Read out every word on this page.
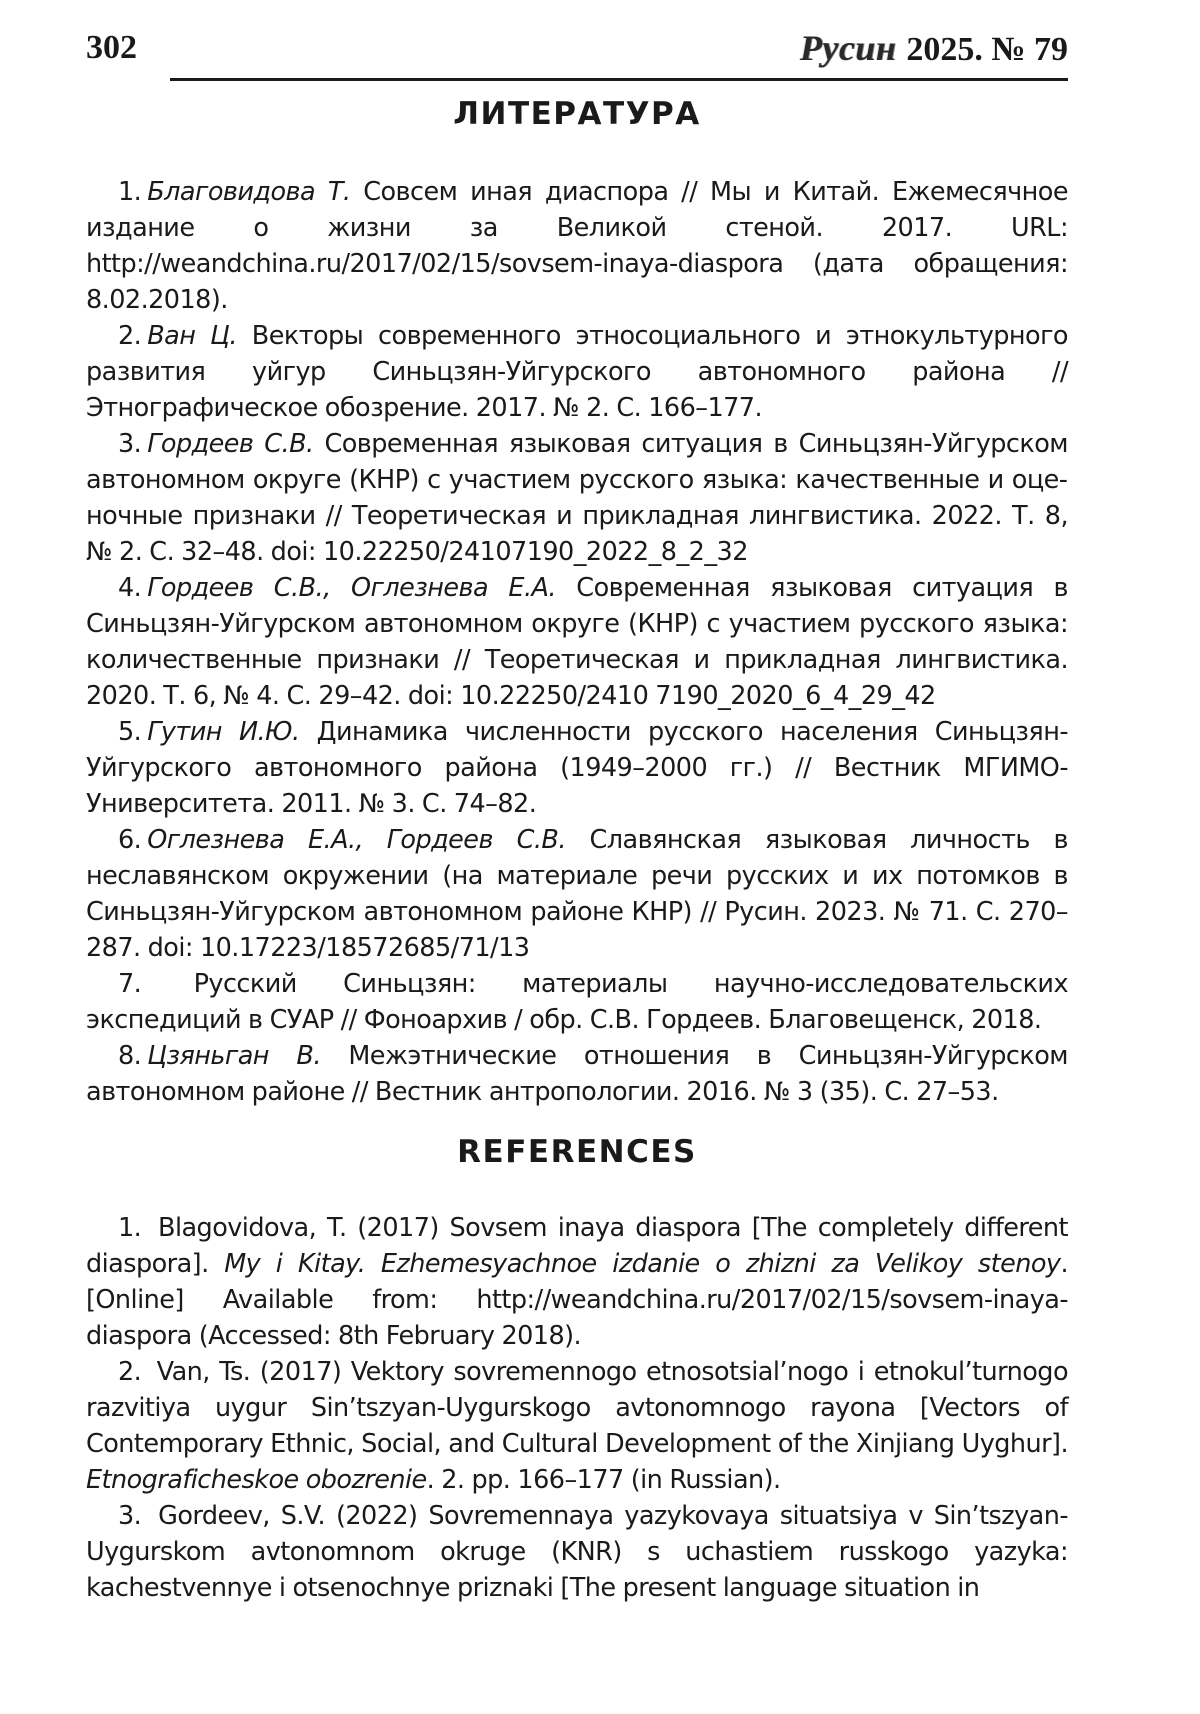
302	Русин 2025. № 79
ЛИТЕРАТУРА
1. Благовидова Т. Совсем иная диаспора // Мы и Китай. Ежемесячное издание о жизни за Великой стеной. 2017. URL: http://weandchina.ru/2017/02/15/sovsem-inaya-diaspora (дата обращения: 8.02.2018).
2. Ван Ц. Векторы современного этносоциального и этнокультурного развития уйгур Синьцзян-Уйгурского автономного района // Этнографическое обозрение. 2017. № 2. С. 166–177.
3. Гордеев С.В. Современная языковая ситуация в Синьцзян-Уйгурском автономном округе (КНР) с участием русского языка: качественные и оценочные признаки // Теоретическая и прикладная лингвистика. 2022. Т. 8, № 2. С. 32–48. doi: 10.22250/24107190_2022_8_2_32
4. Гордеев С.В., Оглезнева Е.А. Современная языковая ситуация в Синьцзян-Уйгурском автономном округе (КНР) с участием русского языка: количественные признаки // Теоретическая и прикладная лингвистика. 2020. Т. 6, № 4. С. 29–42. doi: 10.22250/2410 7190_2020_6_4_29_42
5. Гутин И.Ю. Динамика численности русского населения Синьцзян-Уйгурского автономного района (1949–2000 гг.) // Вестник МГИМО-Университета. 2011. № 3. С. 74–82.
6. Оглезнева Е.А., Гордеев С.В. Славянская языковая личность в неславянском окружении (на материале речи русских и их потомков в Синьцзян-Уйгурском автономном районе КНР) // Русин. 2023. № 71. С. 270–287. doi: 10.17223/18572685/71/13
7. Русский Синьцзян: материалы научно-исследовательских экспедиций в СУАР // Фоноархив / обр. С.В. Гордеев. Благовещенск, 2018.
8. Цзяньган В. Межэтнические отношения в Синьцзян-Уйгурском автономном районе // Вестник антропологии. 2016. № 3 (35). С. 27–53.
REFERENCES
1. Blagovidova, T. (2017) Sovsem inaya diaspora [The completely different diaspora]. My i Kitay. Ezhemesyachnoe izdanie o zhizni za Velikoy stenoy. [Online] Available from: http://weandchina.ru/2017/02/15/sovsem-inaya-diaspora (Accessed: 8th February 2018).
2. Van, Ts. (2017) Vektory sovremennogo etnosotsial’nogo i etnokul’turnogo razvitiya uygur Sin’tszyan-Uygurskogo avtonomnogo rayona [Vectors of Contemporary Ethnic, Social, and Cultural Development of the Xinjiang Uyghur]. Etnograficheskoe obozrenie. 2. pp. 166–177 (in Russian).
3. Gordeev, S.V. (2022) Sovremennaya yazykovaya situatsiya v Sin’tszyan-Uygurskom avtonomnom okruge (KNR) s uchastiem russkogo yazyka: kachestvennye i otsenochnye priznaki [The present language situation in
